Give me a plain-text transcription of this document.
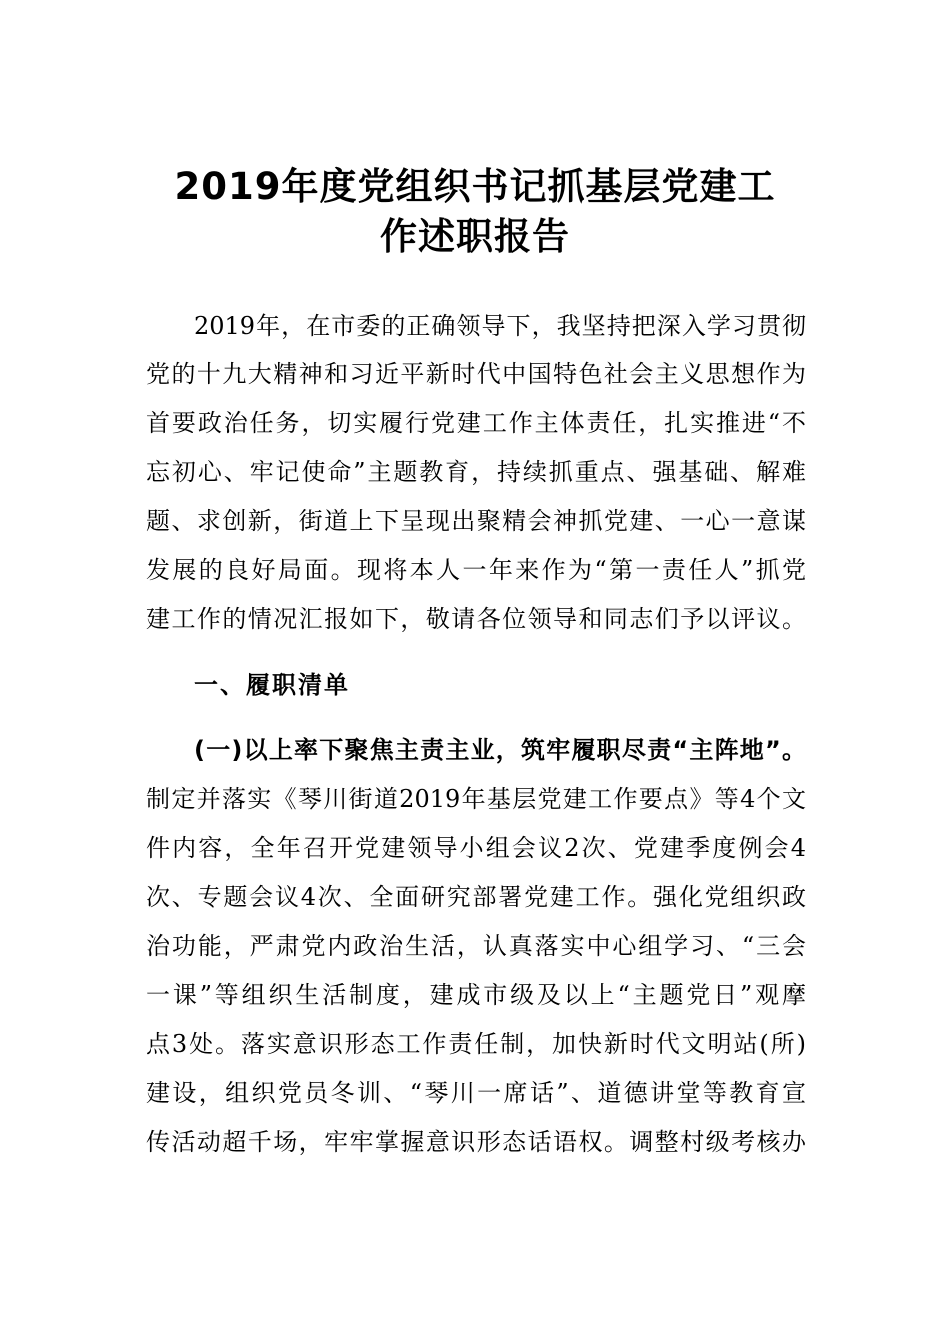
2019年度党组织书记抓基层党建工
作述职报告

2019年，在市委的正确领导下，我坚持把深入学习贯彻

党的十九大精神和习近平新时代中国特色社会主义思想作为

首要政治任务，切实履行党建工作主体责任，扎实推进“不

忘初心、牢记使命”主题教育，持续抓重点、强基础、解难

题、求创新，街道上下呈现出聚精会神抓党建、一心一意谋

发展的良好局面。现将本人一年来作为“第一责任人”抓党

建工作的情况汇报如下，敬请各位领导和同志们予以评议。

一、履职清单
(一)以上率下聚焦主责主业，筑牢履职尽责“主阵地”。

制定并落实《琴川街道2019年基层党建工作要点》等4个文

件内容，全年召开党建领导小组会议2次、党建季度例会4

次、专题会议4次、全面研究部署党建工作。强化党组织政

治功能，严肃党内政治生活，认真落实中心组学习、“三会

一课”等组织生活制度，建成市级及以上“主题党日”观摩

点3处。落实意识形态工作责任制，加快新时代文明站(所)

建设，组织党员冬训、“琴川一席话”、道德讲堂等教育宣

传活动超千场，牢牢掌握意识形态话语权。调整村级考核办
